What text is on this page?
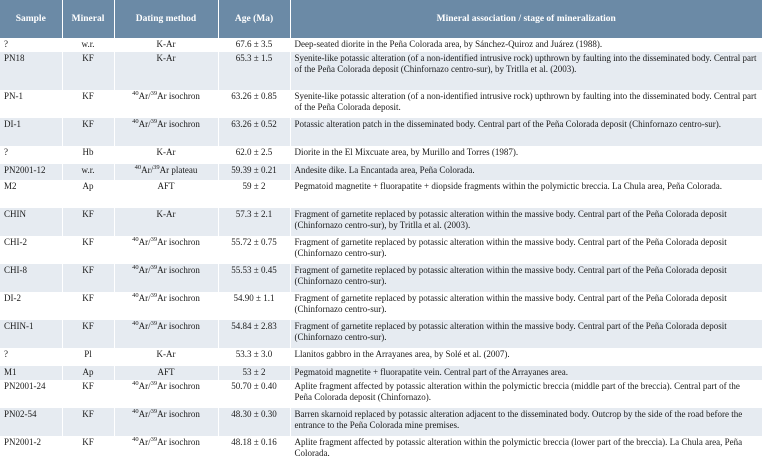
Sample	Mineral	Dating method	Age (Ma)	Mineral association / stage of mineralization
?	w.r.	K-Ar	67.6 ± 3.5	Deep-seated diorite in the Peña Colorada area, by Sánchez-Quiroz and Juárez (1988).
PN18	KF	K-Ar	65.3 ± 1.5	Syenite-like potassic alteration (of a non-identified intrusive rock) upthrown by faulting into the disseminated body. Central part of the Peña Colorada deposit (Chinfornazo centro-sur), by Tritlla et al. (2003).
PN-1	KF	$^{40}$Ar/$^{39}$Ar isochron	63.26 ± 0.85	Syenite-like potassic alteration (of a non-identified intrusive rock) upthrown by faulting into the disseminated body. Central part of the Peña Colorada deposit.
DI-1	KF	$^{40}$Ar/$^{39}$Ar isochron	63.26 ± 0.52	Potassic alteration patch in the disseminated body. Central part of the Peña Colorada deposit (Chinfornazo centro-sur).
?	Hb	K-Ar	62.0 ± 2.5	Diorite in the El Mixcuate area, by Murillo and Torres (1987).
PN2001-12	w.r.	$^{40}$Ar/$^{39}$Ar plateau	59.39 ± 0.21	Andesite dike. La Encantada area, Peña Colorada.
M2	Ap	AFT	59 ± 2	Pegmatoid magnetite + fluorapatite + diopside fragments within the polymictic breccia. La Chula area, Peña Colorada.
CHIN	KF	K-Ar	57.3 ± 2.1	Fragment of garnetite replaced by potassic alteration within the massive body. Central part of the Peña Colorada deposit (Chinfornazo centro-sur), by Tritlla et al. (2003).
CHI-2	KF	$^{40}$Ar/$^{39}$Ar isochron	55.72 ± 0.75	Fragment of garnetite replaced by potassic alteration within the massive body. Central part of the Peña Colorada deposit (Chinfornazo centro-sur).
CHI-8	KF	$^{40}$Ar/$^{39}$Ar isochron	55.53 ± 0.45	Fragment of garnetite replaced by potassic alteration within the massive body. Central part of the Peña Colorada deposit (Chinfornazo centro-sur).
DI-2	KF	$^{40}$Ar/$^{39}$Ar isochron	54.90 ± 1.1	Fragment of garnetite replaced by potassic alteration within the massive body. Central part of the Peña Colorada deposit (Chinfornazo centro-sur).
CHIN-1	KF	$^{40}$Ar/$^{39}$Ar isochron	54.84 ± 2.83	Fragment of garnetite replaced by potassic alteration within the massive body. Central part of the Peña Colorada deposit (Chinfornazo centro-sur).
?	Pl	K-Ar	53.3 ± 3.0	Llanitos gabbro in the Arrayanes area, by Solé et al. (2007).
M1	Ap	AFT	53 ± 2	Pegmatoid magnetite + fluorapatite vein. Central part of the Arrayanes area.
PN2001-24	KF	$^{40}$Ar/$^{39}$Ar isochron	50.70 ± 0.40	Aplite fragment affected by potassic alteration within the polymictic breccia (middle part of the breccia). Central part of the Peña Colorada deposit (Chinfornazo).
PN02-54	KF	$^{40}$Ar/$^{39}$Ar isochron	48.30 ± 0.30	Barren skarnoid replaced by potassic alteration adjacent to the disseminated body. Outcrop by the side of the road before the entrance to the Peña Colorada mine premises.
PN2001-2	KF	$^{40}$Ar/$^{39}$Ar isochron	48.18 ± 0.16	Aplite fragment affected by potassic alteration within the polymictic breccia (lower part of the breccia). La Chula area, Peña Colorada.
